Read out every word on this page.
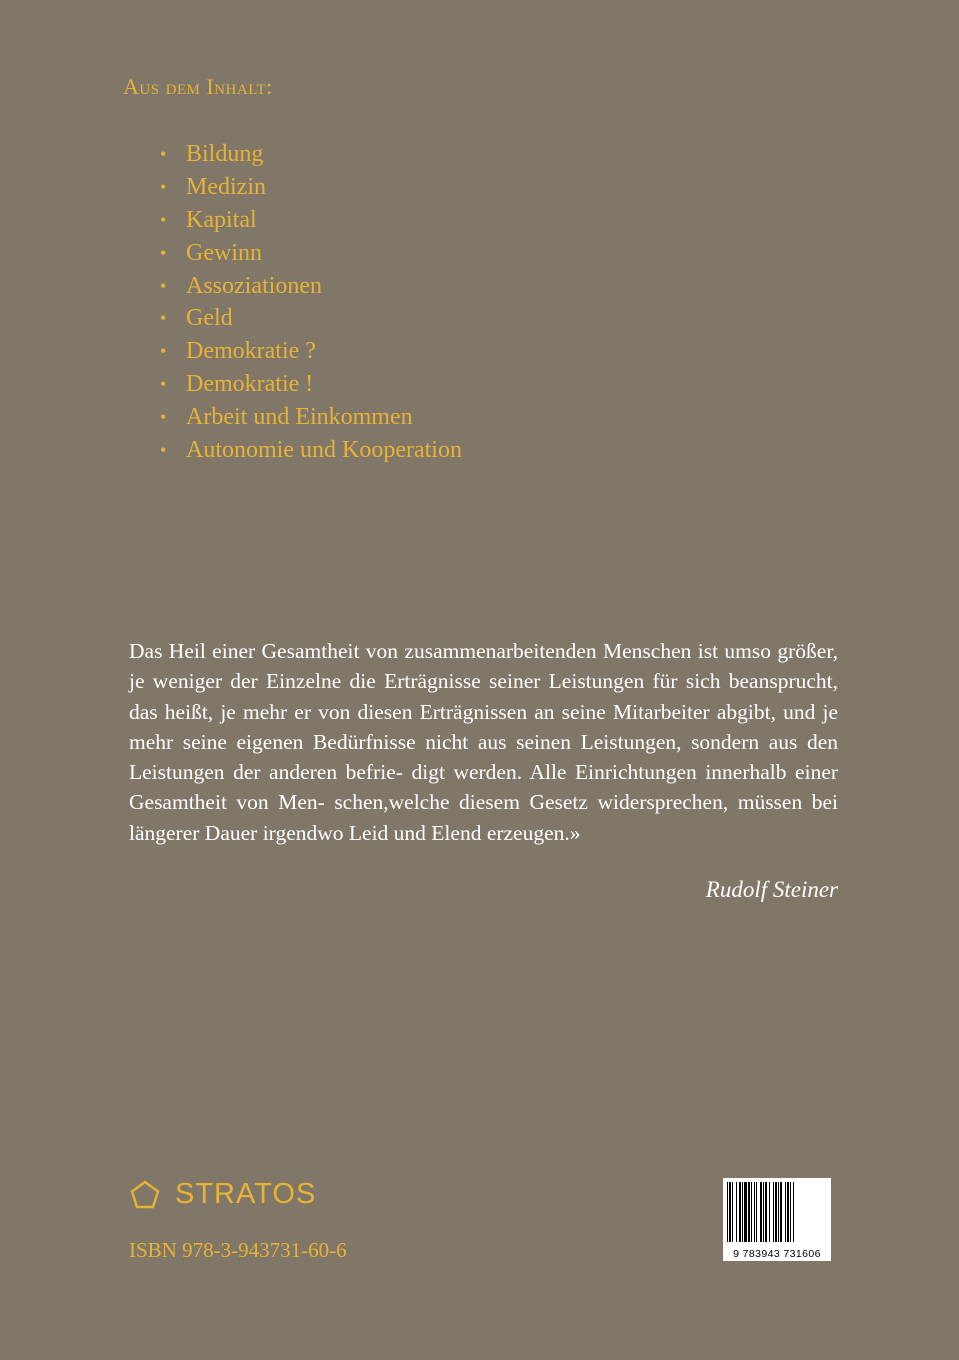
Aus dem Inhalt:
• Bildung
• Medizin
• Kapital
• Gewinn
• Assoziationen
• Geld
• Demokratie ?
• Demokratie !
• Arbeit und Einkommen
• Autonomie und Kooperation

Das Heil einer Gesamtheit von zusammenarbeitenden Menschen ist umso größer, je weniger der Einzelne die Erträgnisse seiner Leistungen für sich beansprucht, das heißt, je mehr er von diesen Erträgnissen an seine Mitarbeiter abgibt, und je mehr seine eigenen Bedürfnisse nicht aus seinen Leistungen, sondern aus den Leistungen der anderen befrie- digt werden. Alle Einrichtungen innerhalb einer Gesamtheit von Men- schen,welche diesem Gesetz widersprechen, müssen bei längerer Dauer irgendwo Leid und Elend erzeugen.»

Rudolf Steiner
STRATOS
ISBN 978-3-943731-60-6	9 783943 731606
